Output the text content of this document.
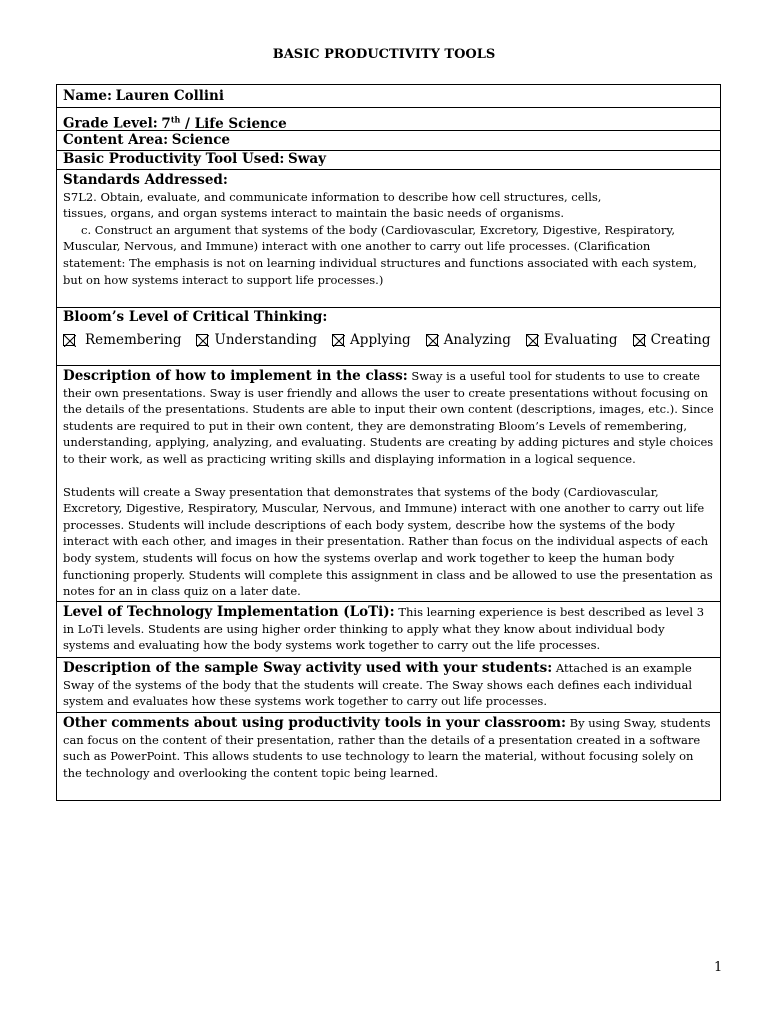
BASIC PRODUCTIVITY TOOLS
Name: Lauren Collini
Grade Level: 7th / Life Science
Content Area: Science
Basic Productivity Tool Used: Sway
Standards Addressed:

S7L2. Obtain, evaluate, and communicate information to describe how cell structures, cells,

tissues, organs, and organ systems interact to maintain the basic needs of organisms.

c. Construct an argument that systems of the body (Cardiovascular, Excretory, Digestive, Respiratory, Muscular, Nervous, and Immune) interact with one another to carry out life processes. (Clarification statement: The emphasis is not on learning individual structures and functions associated with each system, but on how systems interact to support life processes.)

Bloom’s Level of Critical Thinking:
Remembering Understanding Applying Analyzing Evaluating Creating

Description of how to implement in the class: Sway is a useful tool for students to use to create their own presentations. Sway is user friendly and allows the user to create presentations without focusing on the details of the presentations. Students are able to input their own content (descriptions, images, etc.). Since students are required to put in their own content, they are demonstrating Bloom’s Levels of remembering, understanding, applying, analyzing, and evaluating. Students are creating by adding pictures and style choices to their work, as well as practicing writing skills and displaying information in a logical sequence.

Students will create a Sway presentation that demonstrates that systems of the body (Cardiovascular, Excretory, Digestive, Respiratory, Muscular, Nervous, and Immune) interact with one another to carry out life processes. Students will include descriptions of each body system, describe how the systems of the body interact with each other, and images in their presentation. Rather than focus on the individual aspects of each body system, students will focus on how the systems overlap and work together to keep the human body functioning properly. Students will complete this assignment in class and be allowed to use the presentation as notes for an in class quiz on a later date.

Level of Technology Implementation (LoTi): This learning experience is best described as level 3 in LoTi levels. Students are using higher order thinking to apply what they know about individual body systems and evaluating how the body systems work together to carry out the life processes.

Description of the sample Sway activity used with your students: Attached is an example Sway of the systems of the body that the students will create. The Sway shows each defines each individual system and evaluates how these systems work together to carry out life processes.

Other comments about using productivity tools in your classroom: By using Sway, students can focus on the content of their presentation, rather than the details of a presentation created in a software such as PowerPoint. This allows students to use technology to learn the material, without focusing solely on the technology and overlooking the content topic being learned.

1
